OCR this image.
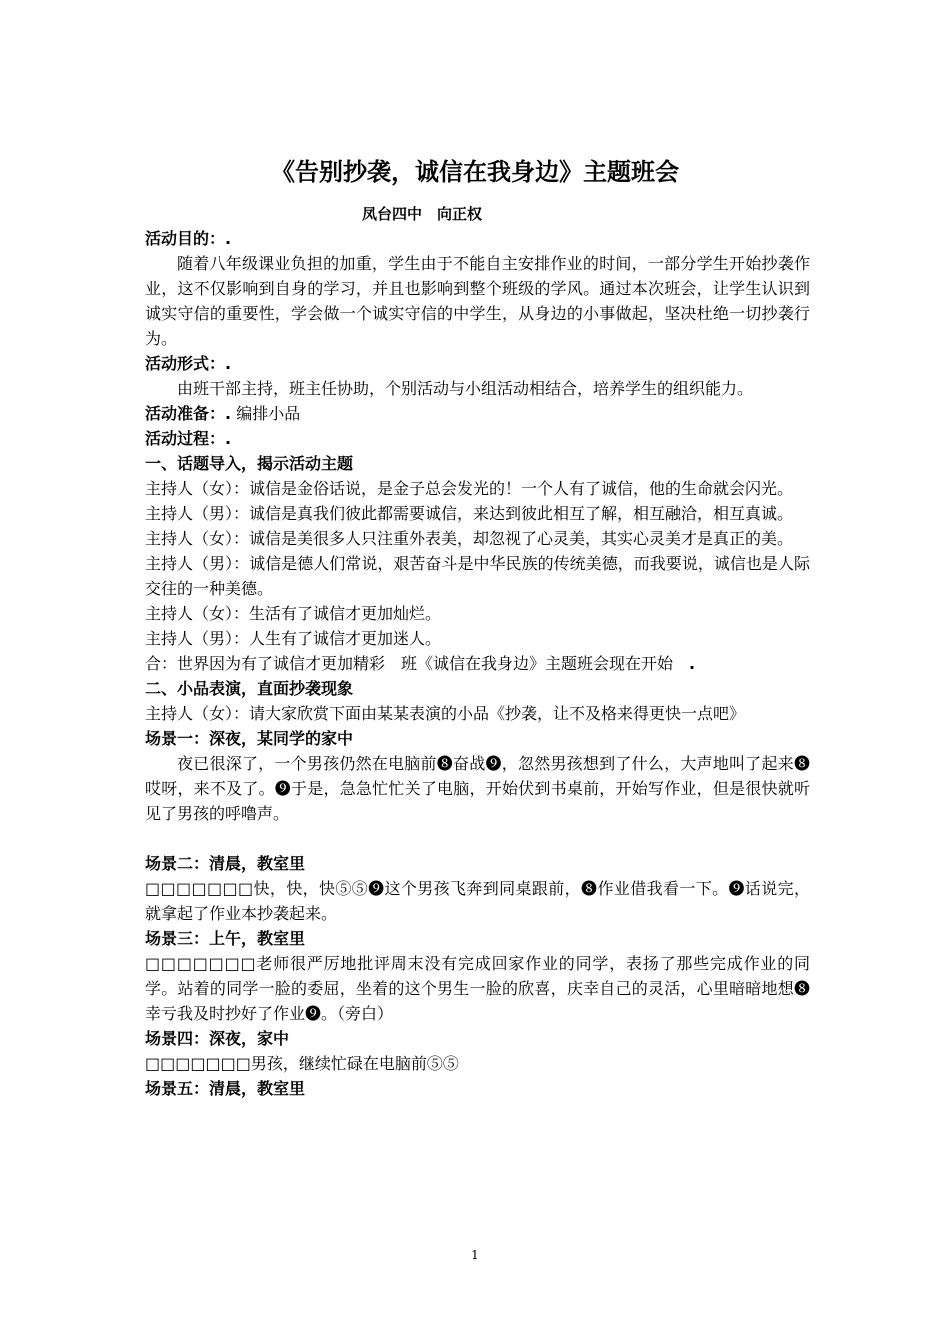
《告别抄袭，诚信在我身边》主题班会
凤台四中　向正权
活动目的：.
随着八年级课业负担的加重，学生由于不能自主安排作业的时间，一部分学生开始抄袭作业，这不仅影响到自身的学习，并且也影响到整个班级的学风。通过本次班会，让学生认识到诚实守信的重要性，学会做一个诚实守信的中学生，从身边的小事做起，坚决杜绝一切抄袭行为。
活动形式：.
由班干部主持，班主任协助，个别活动与小组活动相结合，培养学生的组织能力。
活动准备：. 编排小品
活动过程：.
一、话题导入，揭示活动主题
主持人（女）：诚信是金俗话说，是金子总会发光的！一个人有了诚信，他的生命就会闪光。
主持人（男）：诚信是真我们彼此都需要诚信，来达到彼此相互了解，相互融洽，相互真诚。
主持人（女）：诚信是美很多人只注重外表美，却忽视了心灵美，其实心灵美才是真正的美。
主持人（男）：诚信是德人们常说，艰苦奋斗是中华民族的传统美德，而我要说，诚信也是人际交往的一种美德。
主持人（女）：生活有了诚信才更加灿烂。
主持人（男）：人生有了诚信才更加迷人。
合：世界因为有了诚信才更加精彩　班《诚信在我身边》主题班会现在开始　.
二、小品表演，直面抄袭现象
主持人（女）：请大家欣赏下面由某某表演的小品《抄袭，让不及格来得更快一点吧》
场景一：深夜，某同学的家中
夜已很深了，一个男孩仍然在电脑前❽奋战❾，忽然男孩想到了什么，大声地叫了起来❽哎呀，来不及了。❾于是，急急忙忙关了电脑，开始伏到书桌前，开始写作业，但是很快就听见了男孩的呼噜声。
场景二：清晨，教室里
□□□□□□□快，快，快⑤⑤❾这个男孩飞奔到同桌跟前，❽作业借我看一下。❾话说完，就拿起了作业本抄袭起来。
场景三：上午，教室里
□□□□□□□老师很严厉地批评周末没有完成回家作业的同学，表扬了那些完成作业的同学。站着的同学一脸的委屈，坐着的这个男生一脸的欣喜，庆幸自己的灵活，心里暗暗地想❽幸亏我及时抄好了作业❾。（旁白）
场景四：深夜，家中
□□□□□□□男孩，继续忙碌在电脑前⑤⑤
场景五：清晨，教室里
1
